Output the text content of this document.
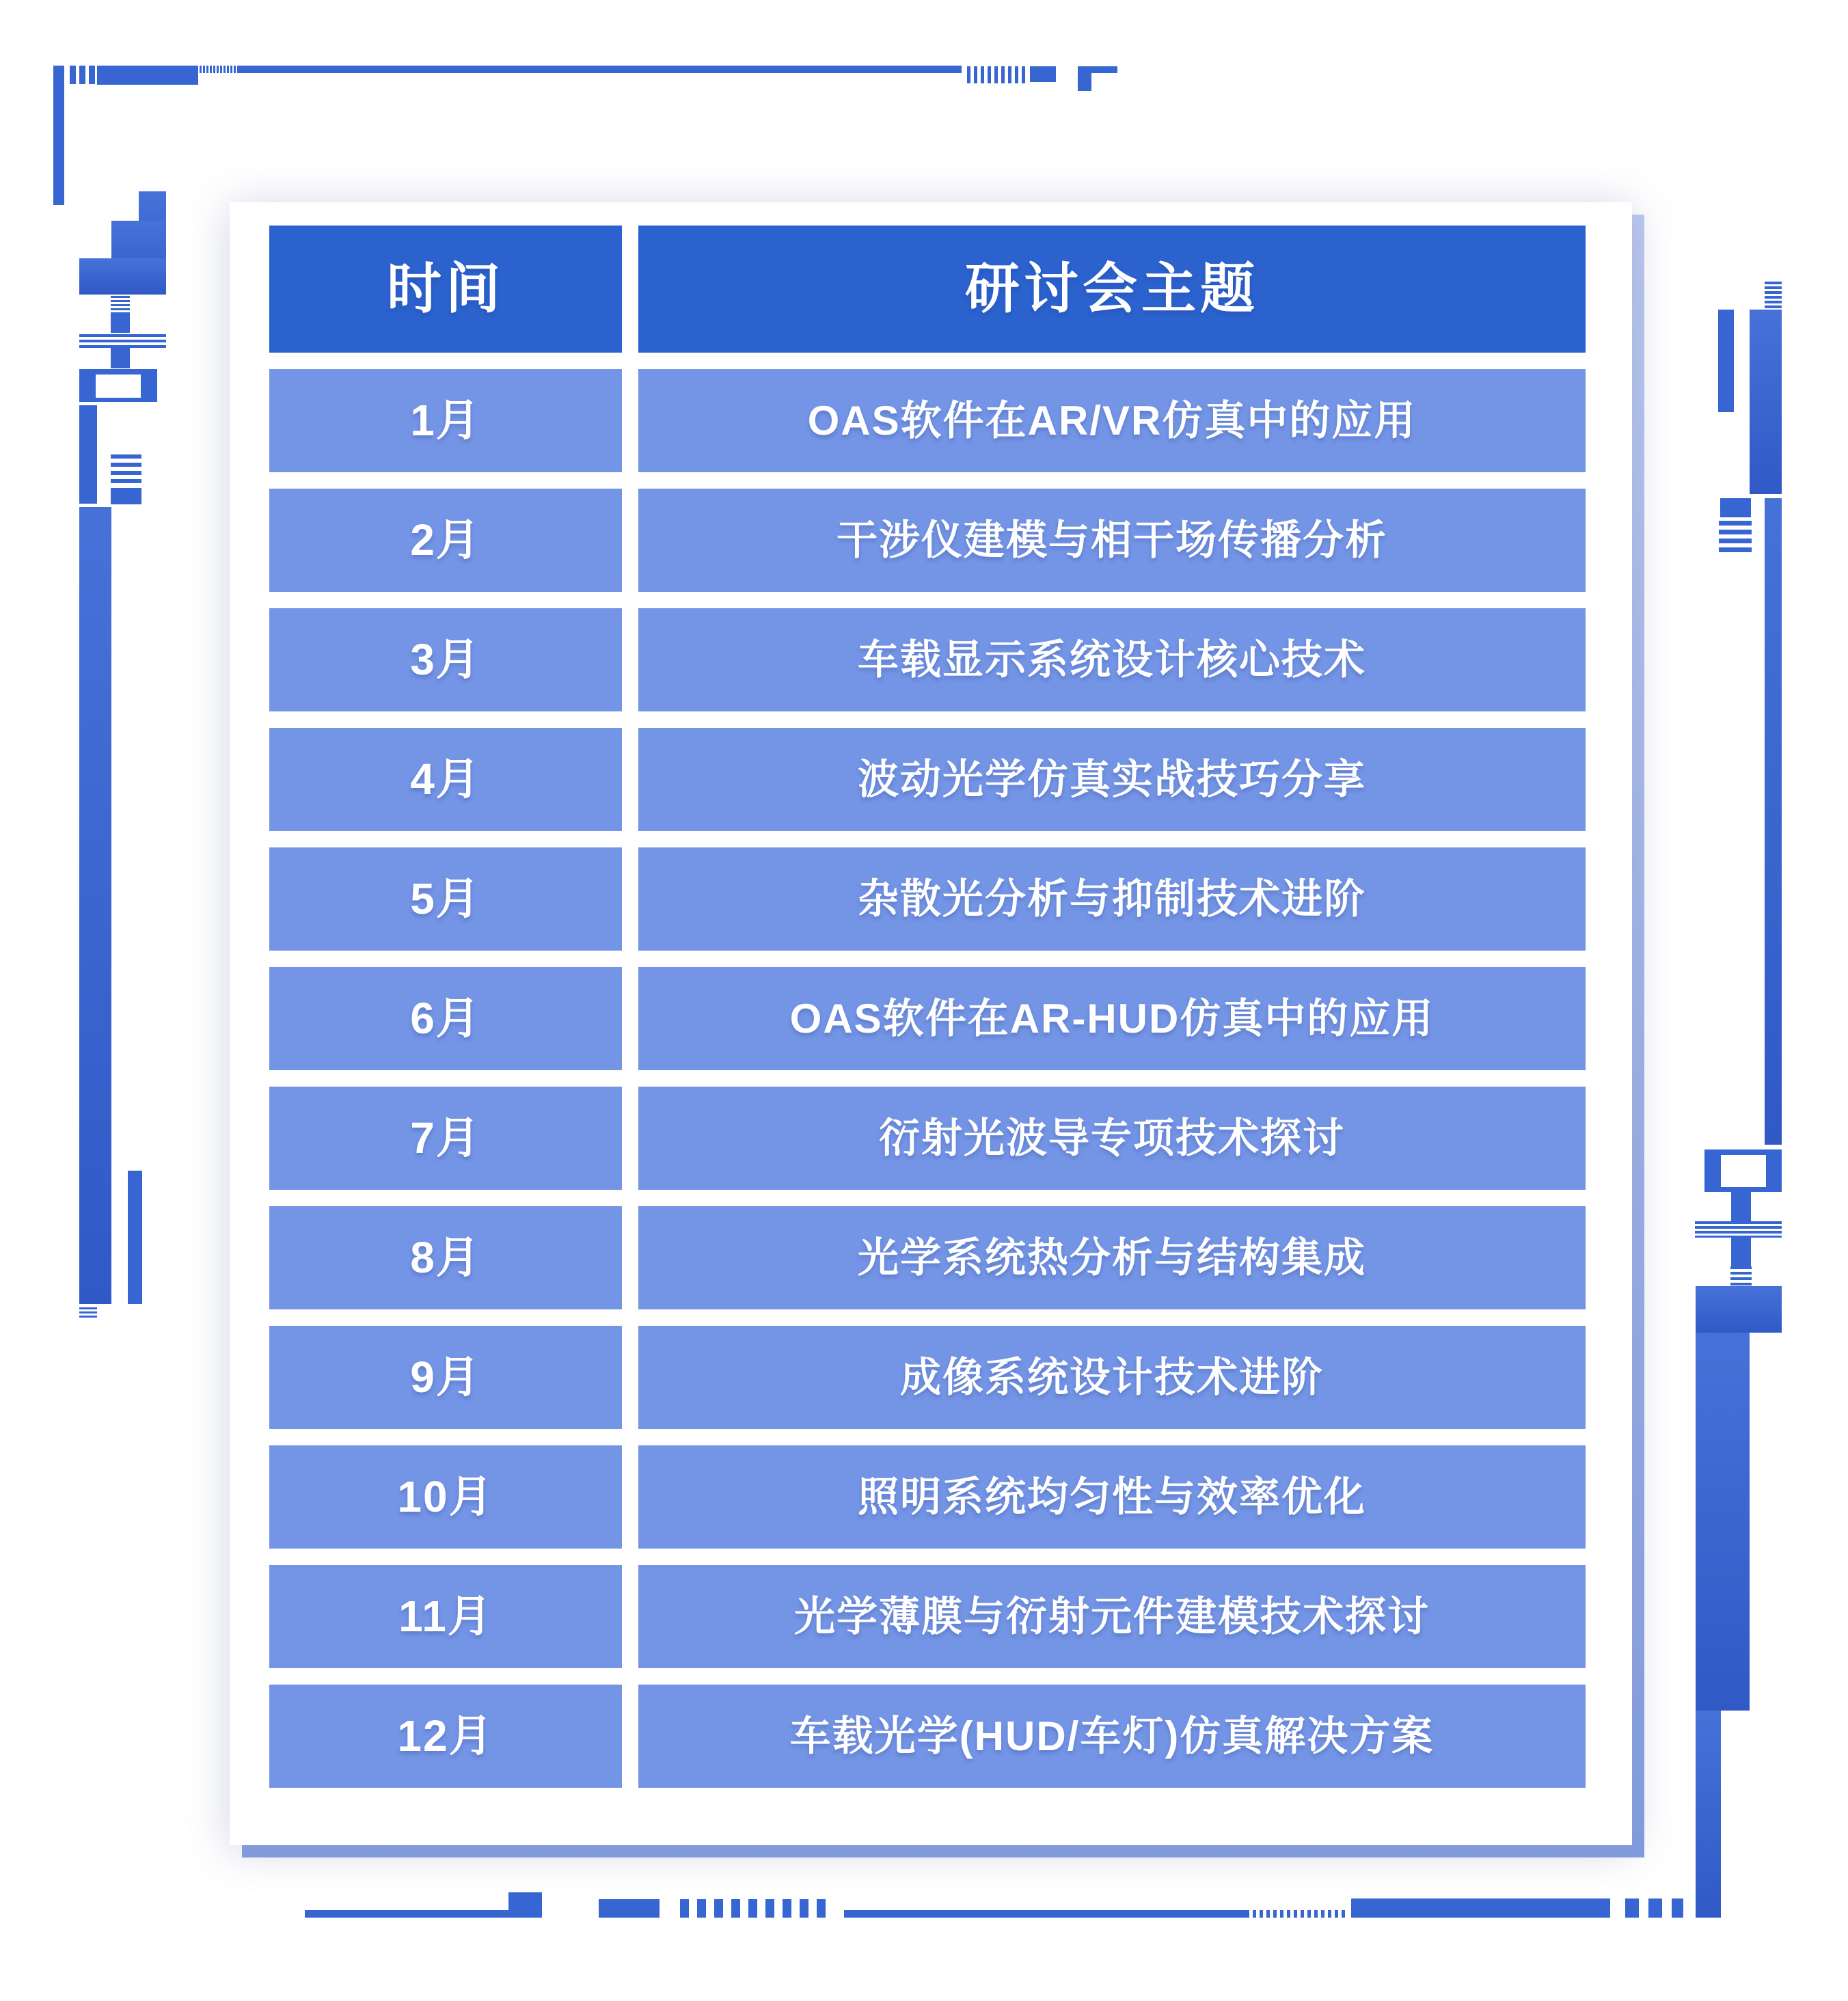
时间	研讨会主题
1月	OAS软件在AR/VR仿真中的应用
2月	干涉仪建模与相干场传播分析
3月	车载显示系统设计核心技术
4月	波动光学仿真实战技巧分享
5月	杂散光分析与抑制技术进阶
6月	OAS软件在AR-HUD仿真中的应用
7月	衍射光波导专项技术探讨
8月	光学系统热分析与结构集成
9月	成像系统设计技术进阶
10月	照明系统均匀性与效率优化
11月	光学薄膜与衍射元件建模技术探讨
12月	车载光学(HUD/车灯)仿真解决方案
